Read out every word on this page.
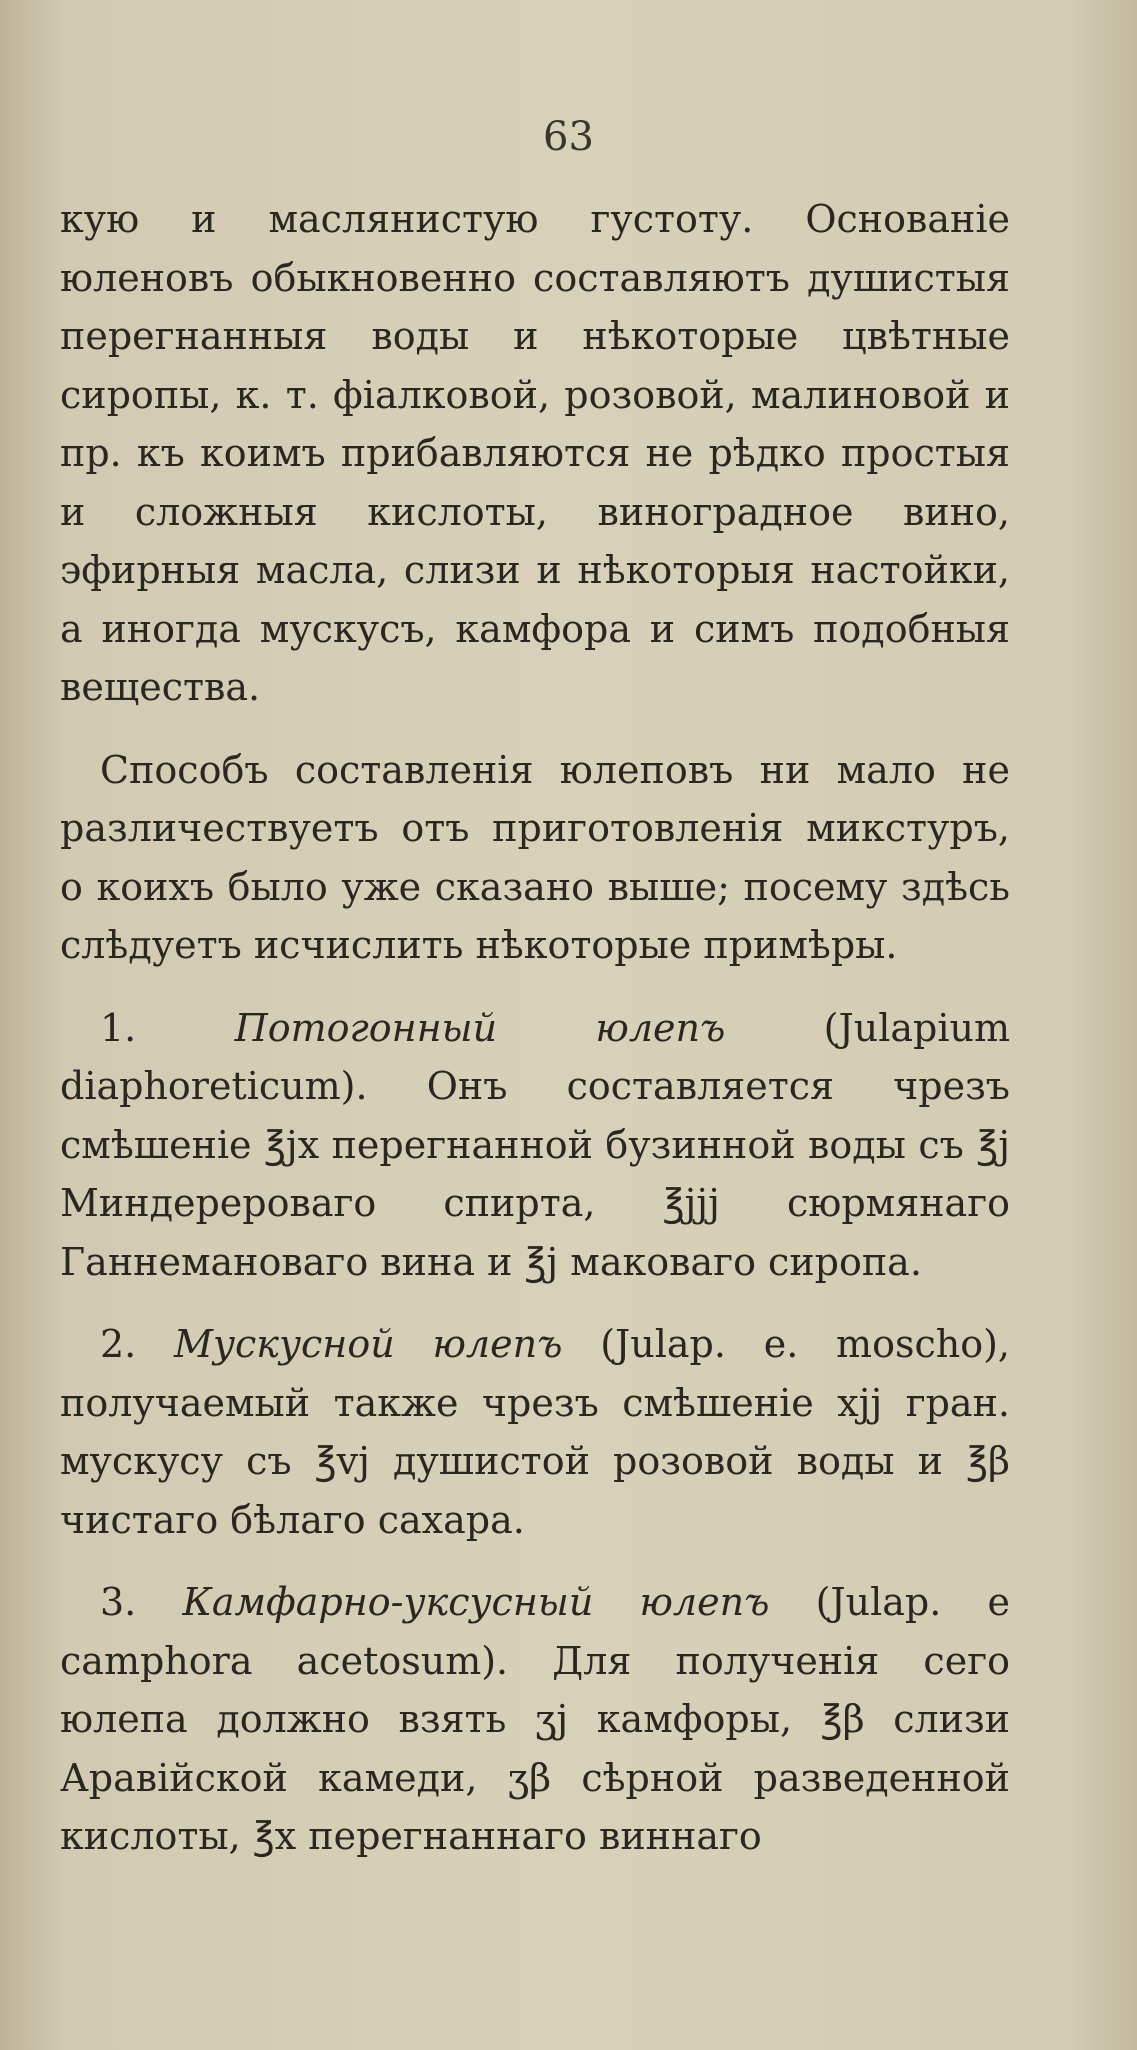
63

кую и маслянистую густоту. Основаніе юленовъ обыкновенно составляютъ душистыя перегнанныя воды и нѣкоторые цвѣтные сиропы, к. т. фіалковой, розовой, малиновой и пр. къ коимъ прибавляются не рѣдко простыя и сложныя кислоты, виноградное вино, эфирныя масла, слизи и нѣкоторыя настойки, а иногда мускусъ, камфора и симъ подобныя вещества.

Способъ составленія юлеповъ ни мало не различествуетъ отъ приготовленія микстуръ, о коихъ было уже сказано выше; посему здѣсь слѣдуетъ исчислить нѣкоторые примѣры.

1.	Потогонный юлепъ	(Julapium diaphoreticum). Онъ составляется чрезъ смѣшеніе ℥jx перегнанной бузинной воды съ ℥j Миндерероваго спирта, ℥jjj сюрмянаго Ганнемановаго вина и ℥j маковаго сиропа.

2. Мускусной юлепъ (Julap. e. moscho), получаемый также чрезъ смѣшеніе xjj гран. мускусу съ ℥vj душистой розовой воды и ℥β чистаго бѣлаго сахара.

3. Камфарно-уксусный юлепъ (Julap. e camphora acetosum). Для полученія сего юлепа должно взять ʒj камфоры, ℥β слизи Аравійской камеди, ʒβ сѣрной разведенной кислоты, ℥x перегнаннаго виннаго
